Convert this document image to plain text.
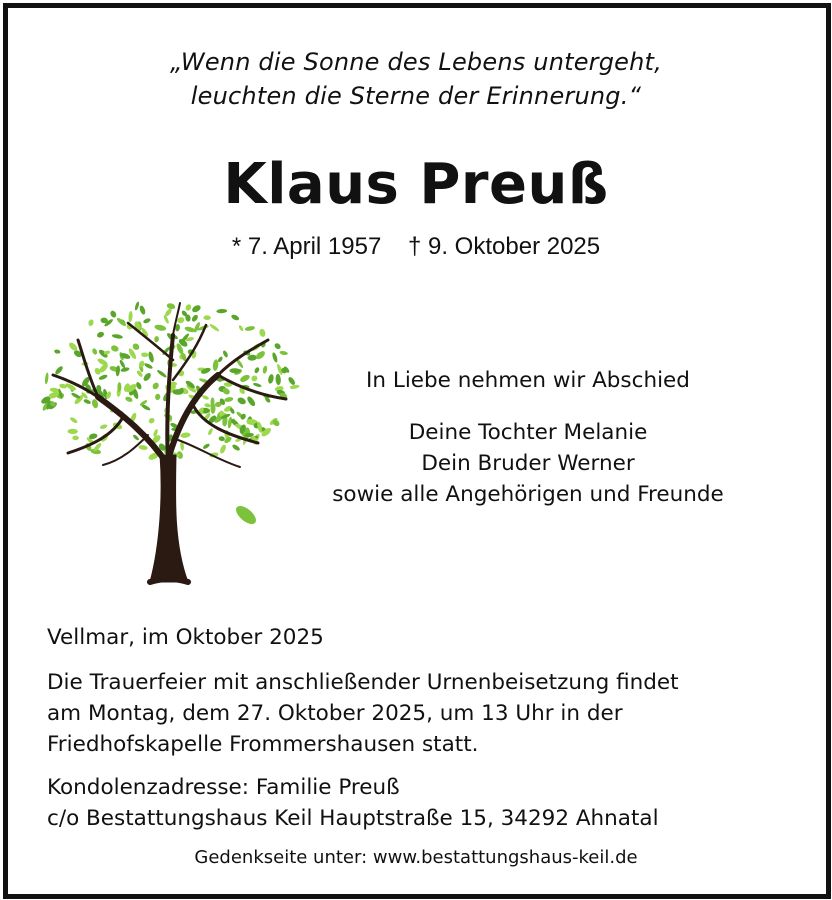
„Wenn die Sonne des Lebens untergeht,
leuchten die Sterne der Erinnerung.“
Klaus Preuß
* 7. April 1957    † 9. Oktober 2025
In Liebe nehmen wir Abschied
Deine Tochter Melanie
Dein Bruder Werner
sowie alle Angehörigen und Freunde
Vellmar, im Oktober 2025
Die Trauerfeier mit anschließender Urnenbeisetzung findet
am Montag, dem 27. Oktober 2025, um 13 Uhr in der
Friedhofskapelle Frommershausen statt.
Kondolenzadresse: Familie Preuß
c/o Bestattungshaus Keil Hauptstraße 15, 34292 Ahnatal
Gedenkseite unter: www.bestattungshaus-keil.de
